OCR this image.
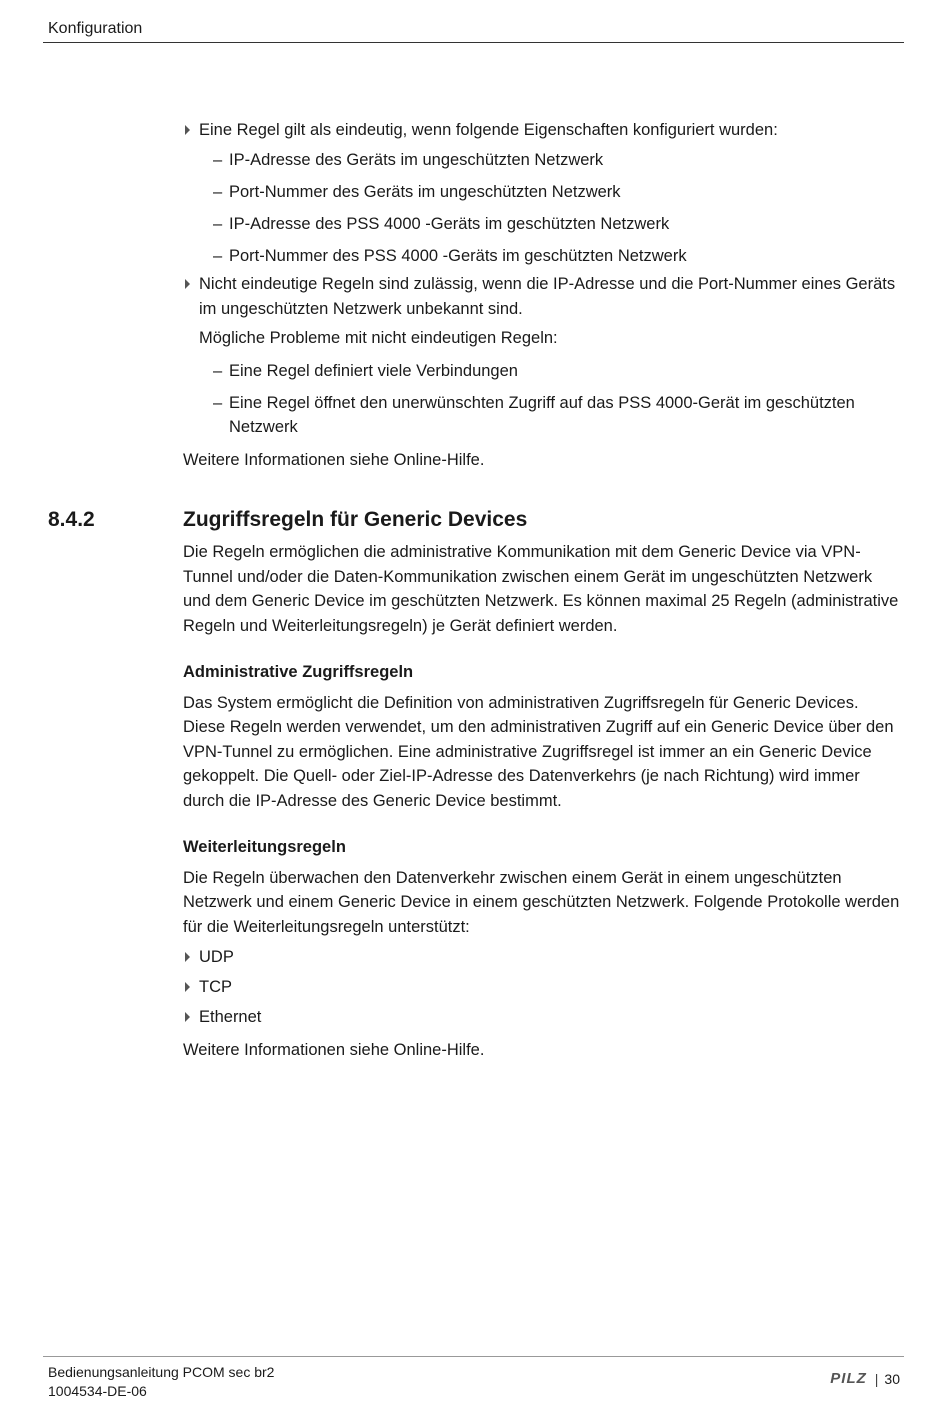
Konfiguration
Eine Regel gilt als eindeutig, wenn folgende Eigenschaften konfiguriert wurden:
– IP-Adresse des Geräts im ungeschützten Netzwerk
– Port-Nummer des Geräts im ungeschützten Netzwerk
– IP-Adresse des PSS 4000 -Geräts im geschützten Netzwerk
– Port-Nummer des PSS 4000 -Geräts im geschützten Netzwerk
Nicht eindeutige Regeln sind zulässig, wenn die IP-Adresse und die Port-Nummer eines Geräts im ungeschützten Netzwerk unbekannt sind.
Mögliche Probleme mit nicht eindeutigen Regeln:
– Eine Regel definiert viele Verbindungen
– Eine Regel öffnet den unerwünschten Zugriff auf das PSS 4000-Gerät im geschützten Netzwerk

Weitere Informationen siehe Online-Hilfe.

8.4.2	Zugriffsregeln für Generic Devices

Die Regeln ermöglichen die administrative Kommunikation mit dem Generic Device via VPN-Tunnel und/oder die Daten-Kommunikation zwischen einem Gerät im ungeschützten Netzwerk und dem Generic Device im geschützten Netzwerk. Es können maximal 25 Regeln (administrative Regeln und Weiterleitungsregeln) je Gerät definiert werden.

Administrative Zugriffsregeln

Das System ermöglicht die Definition von administrativen Zugriffsregeln für Generic Devices. Diese Regeln werden verwendet, um den administrativen Zugriff auf ein Generic Device über den VPN-Tunnel zu ermöglichen. Eine administrative Zugriffsregel ist immer an ein Generic Device gekoppelt. Die Quell- oder Ziel-IP-Adresse des Datenverkehrs (je nach Richtung) wird immer durch die IP-Adresse des Generic Device bestimmt.

Weiterleitungsregeln

Die Regeln überwachen den Datenverkehr zwischen einem Gerät in einem ungeschützten Netzwerk und einem Generic Device in einem geschützten Netzwerk. Folgende Protokolle werden für die Weiterleitungsregeln unterstützt:

UDP
TCP
Ethernet

Weitere Informationen siehe Online-Hilfe.

Bedienungsanleitung PCOM sec br2
1004534-DE-06
PILZ | 30
